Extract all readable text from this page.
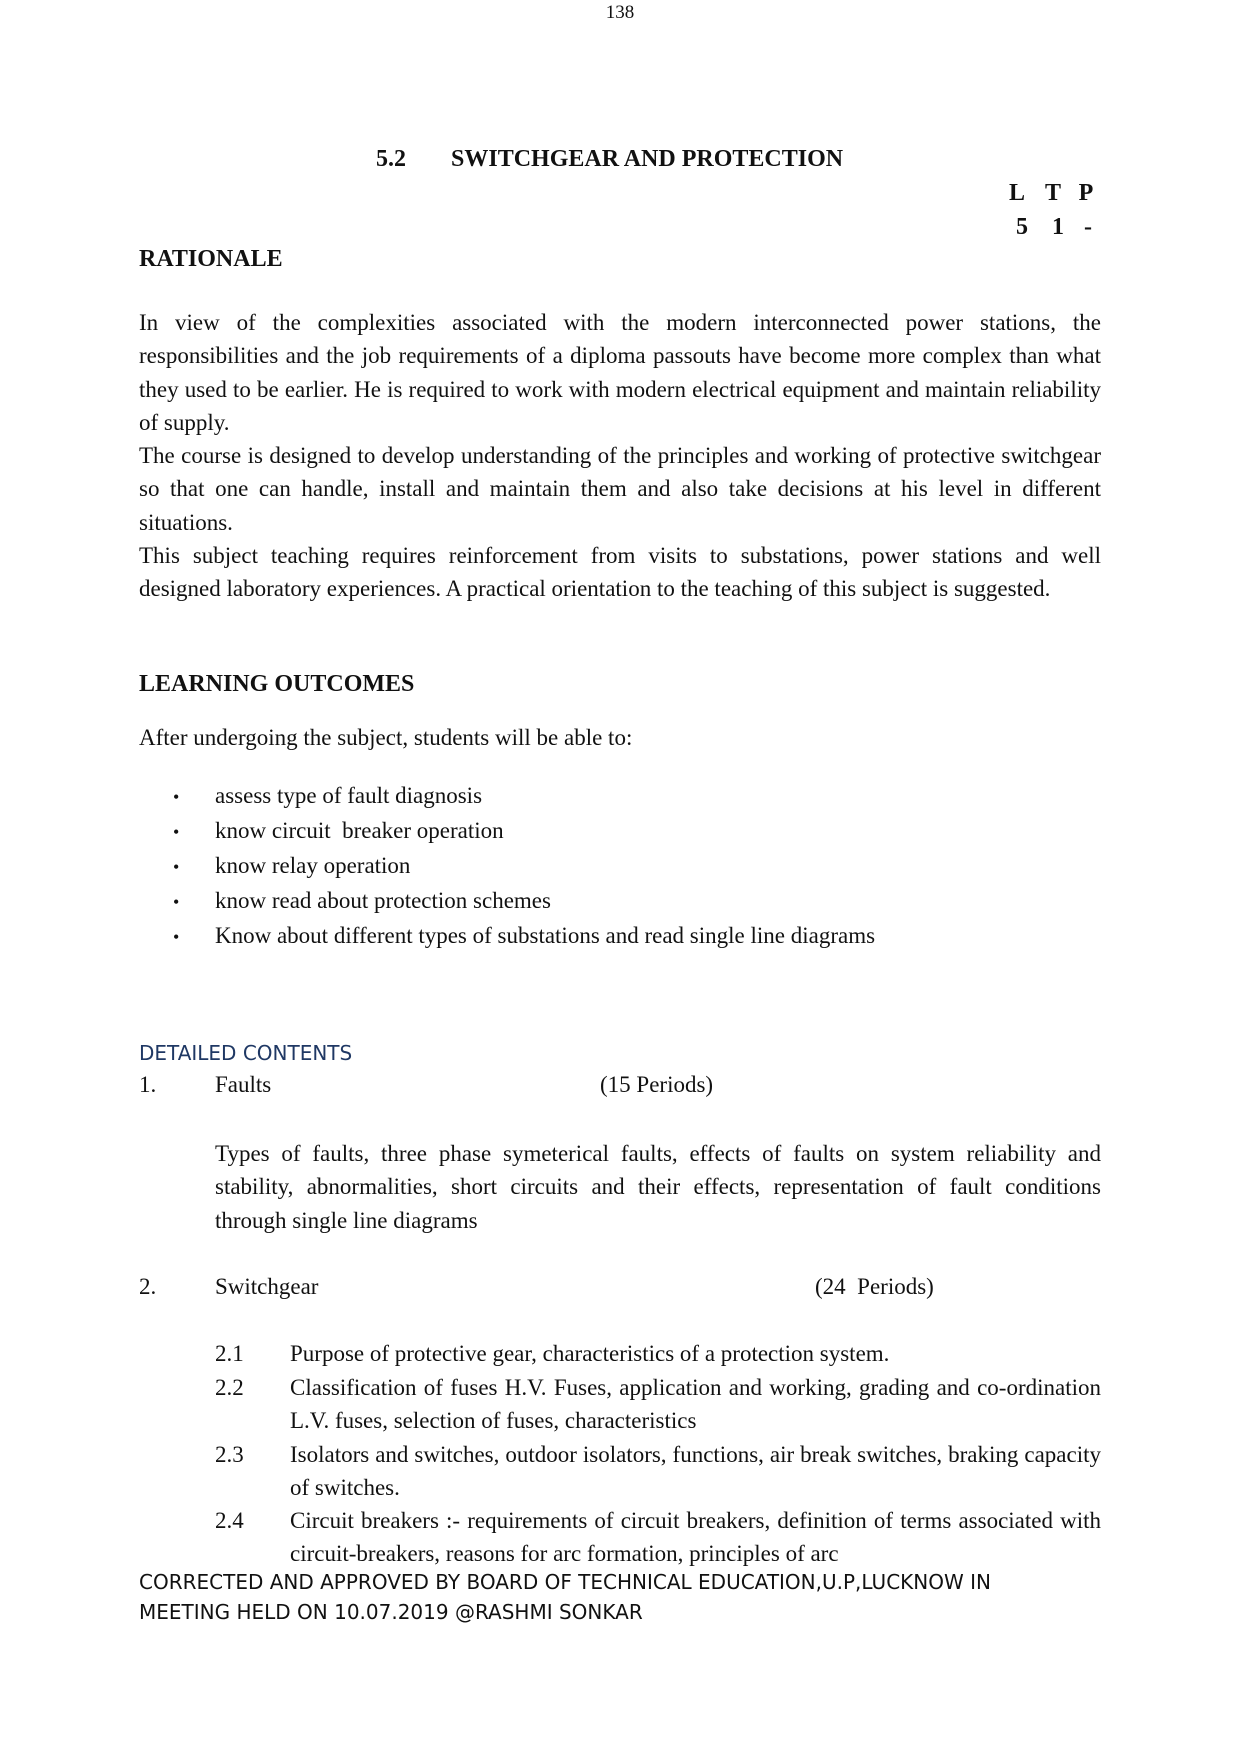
138
5.2 SWITCHGEAR AND PROTECTION
L T P
5	1 -
RATIONALE
In view of the complexities associated with the modern interconnected power stations, the responsibilities and the job requirements of a diploma passouts have become more complex than what they used to be earlier. He is required to work with modern electrical equipment and maintain reliability of supply.
The course is designed to develop understanding of the principles and working of protective switchgear so that one can handle, install and maintain them and also take decisions at his level in different situations.
This subject teaching requires reinforcement from visits to substations, power stations and well designed laboratory experiences. A practical orientation to the teaching of this subject is suggested.
LEARNING OUTCOMES
After undergoing the subject, students will be able to:
• assess type of fault diagnosis
• know circuit  breaker operation
• know relay operation
• know read about protection schemes
• Know about different types of substations and read single line diagrams
DETAILED CONTENTS
1.	Faults	(15 Periods)
Types of faults, three phase symeterical faults, effects of faults on system reliability and stability, abnormalities, short circuits and their effects, representation of fault conditions through single line diagrams
2.	Switchgear	(24  Periods)
2.1 Purpose of protective gear, characteristics of a protection system.
2.2 Classification of fuses H.V. Fuses, application and working, grading and co-ordination L.V. fuses, selection of fuses, characteristics
2.3 Isolators and switches, outdoor isolators, functions, air break switches, braking capacity of switches.
2.4 Circuit breakers :- requirements of circuit breakers, definition of terms associated with circuit-breakers, reasons for arc formation, principles of arc
CORRECTED AND APPROVED BY BOARD OF TECHNICAL EDUCATION,U.P,LUCKNOW IN
MEETING HELD ON 10.07.2019 @RASHMI SONKAR
